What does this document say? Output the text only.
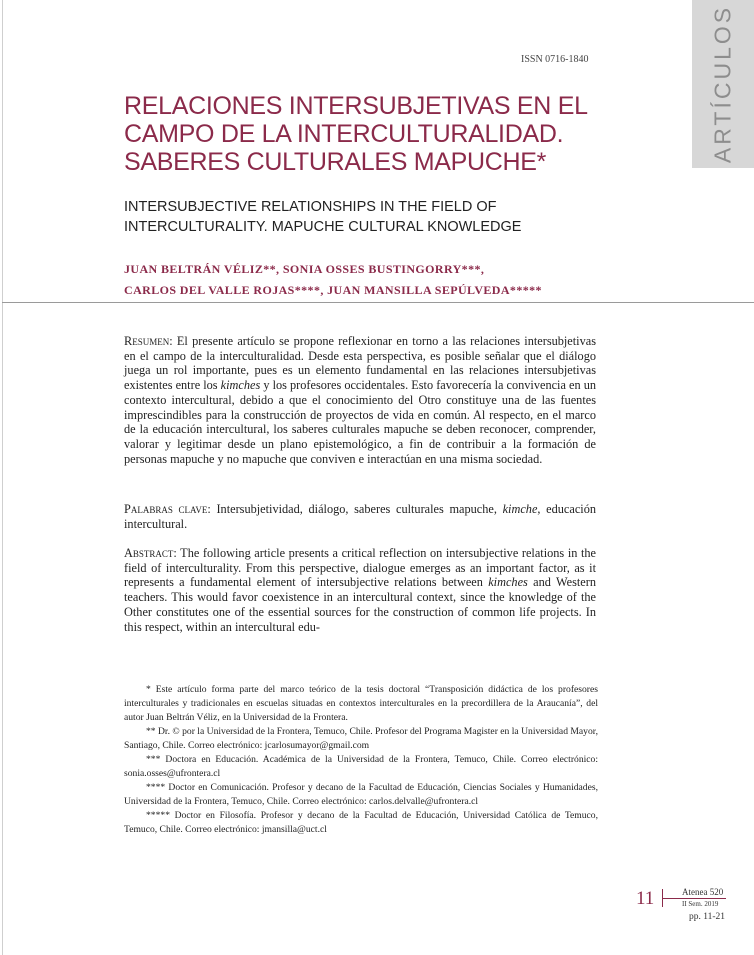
ARTÍCULOS
ISSN 0716-1840
RELACIONES INTERSUBJETIVAS EN EL
CAMPO DE LA INTERCULTURALIDAD.
SABERES CULTURALES MAPUCHE*
INTERSUBJECTIVE RELATIONSHIPS IN THE FIELD OF
INTERCULTURALITY. MAPUCHE CULTURAL KNOWLEDGE
JUAN BELTRÁN VÉLIZ**, SONIA OSSES BUSTINGORRY***,
CARLOS DEL VALLE ROJAS****, JUAN MANSILLA SEPÚLVEDA*****
Resumen: El presente artículo se propone reflexionar en torno a las relaciones intersubjetivas en el campo de la interculturalidad. Desde esta perspectiva, es posible señalar que el diálogo juega un rol importante, pues es un elemento fundamental en las relaciones intersubjetivas existentes entre los kimches y los profesores occidentales. Esto favorecería la convivencia en un contexto intercultural, debido a que el conocimiento del Otro constituye una de las fuentes imprescindibles para la construcción de proyectos de vida en común. Al respecto, en el marco de la educación intercultural, los saberes culturales mapuche se deben reconocer, comprender, valorar y legitimar desde un plano epistemológico, a fin de contribuir a la formación de personas mapuche y no mapuche que conviven e interactúan en una misma sociedad.
Palabras clave: Intersubjetividad, diálogo, saberes culturales mapuche, kimche, educación intercultural.
Abstract: The following article presents a critical reflection on intersubjective relations in the field of interculturality. From this perspective, dialogue emerges as an important factor, as it represents a fundamental element of intersubjective relations between kimches and Western teachers. This would favor coexistence in an intercultural context, since the knowledge of the Other constitutes one of the essential sources for the construction of common life projects. In this respect, within an intercultural edu-

* Este artículo forma parte del marco teórico de la tesis doctoral “Transposición didáctica de los profesores interculturales y tradicionales en escuelas situadas en contextos interculturales en la precordillera de la Araucanía”, del autor Juan Beltrán Véliz, en la Universidad de la Frontera.

** Dr. © por la Universidad de la Frontera, Temuco, Chile. Profesor del Programa Magister en la Universidad Mayor, Santiago, Chile. Correo electrónico: jcarlosumayor@gmail.com

*** Doctora en Educación. Académica de la Universidad de la Frontera, Temuco, Chile. Correo electrónico: sonia.osses@ufrontera.cl

**** Doctor en Comunicación. Profesor y decano de la Facultad de Educación, Ciencias Sociales y Humanidades, Universidad de la Frontera, Temuco, Chile. Correo electrónico: carlos.delvalle@ufrontera.cl

***** Doctor en Filosofía. Profesor y decano de la Facultad de Educación, Universidad Católica de Temuco, Temuco, Chile. Correo electrónico: jmansilla@uct.cl

11	Atenea 520
II Sem. 2019
pp. 11-21
